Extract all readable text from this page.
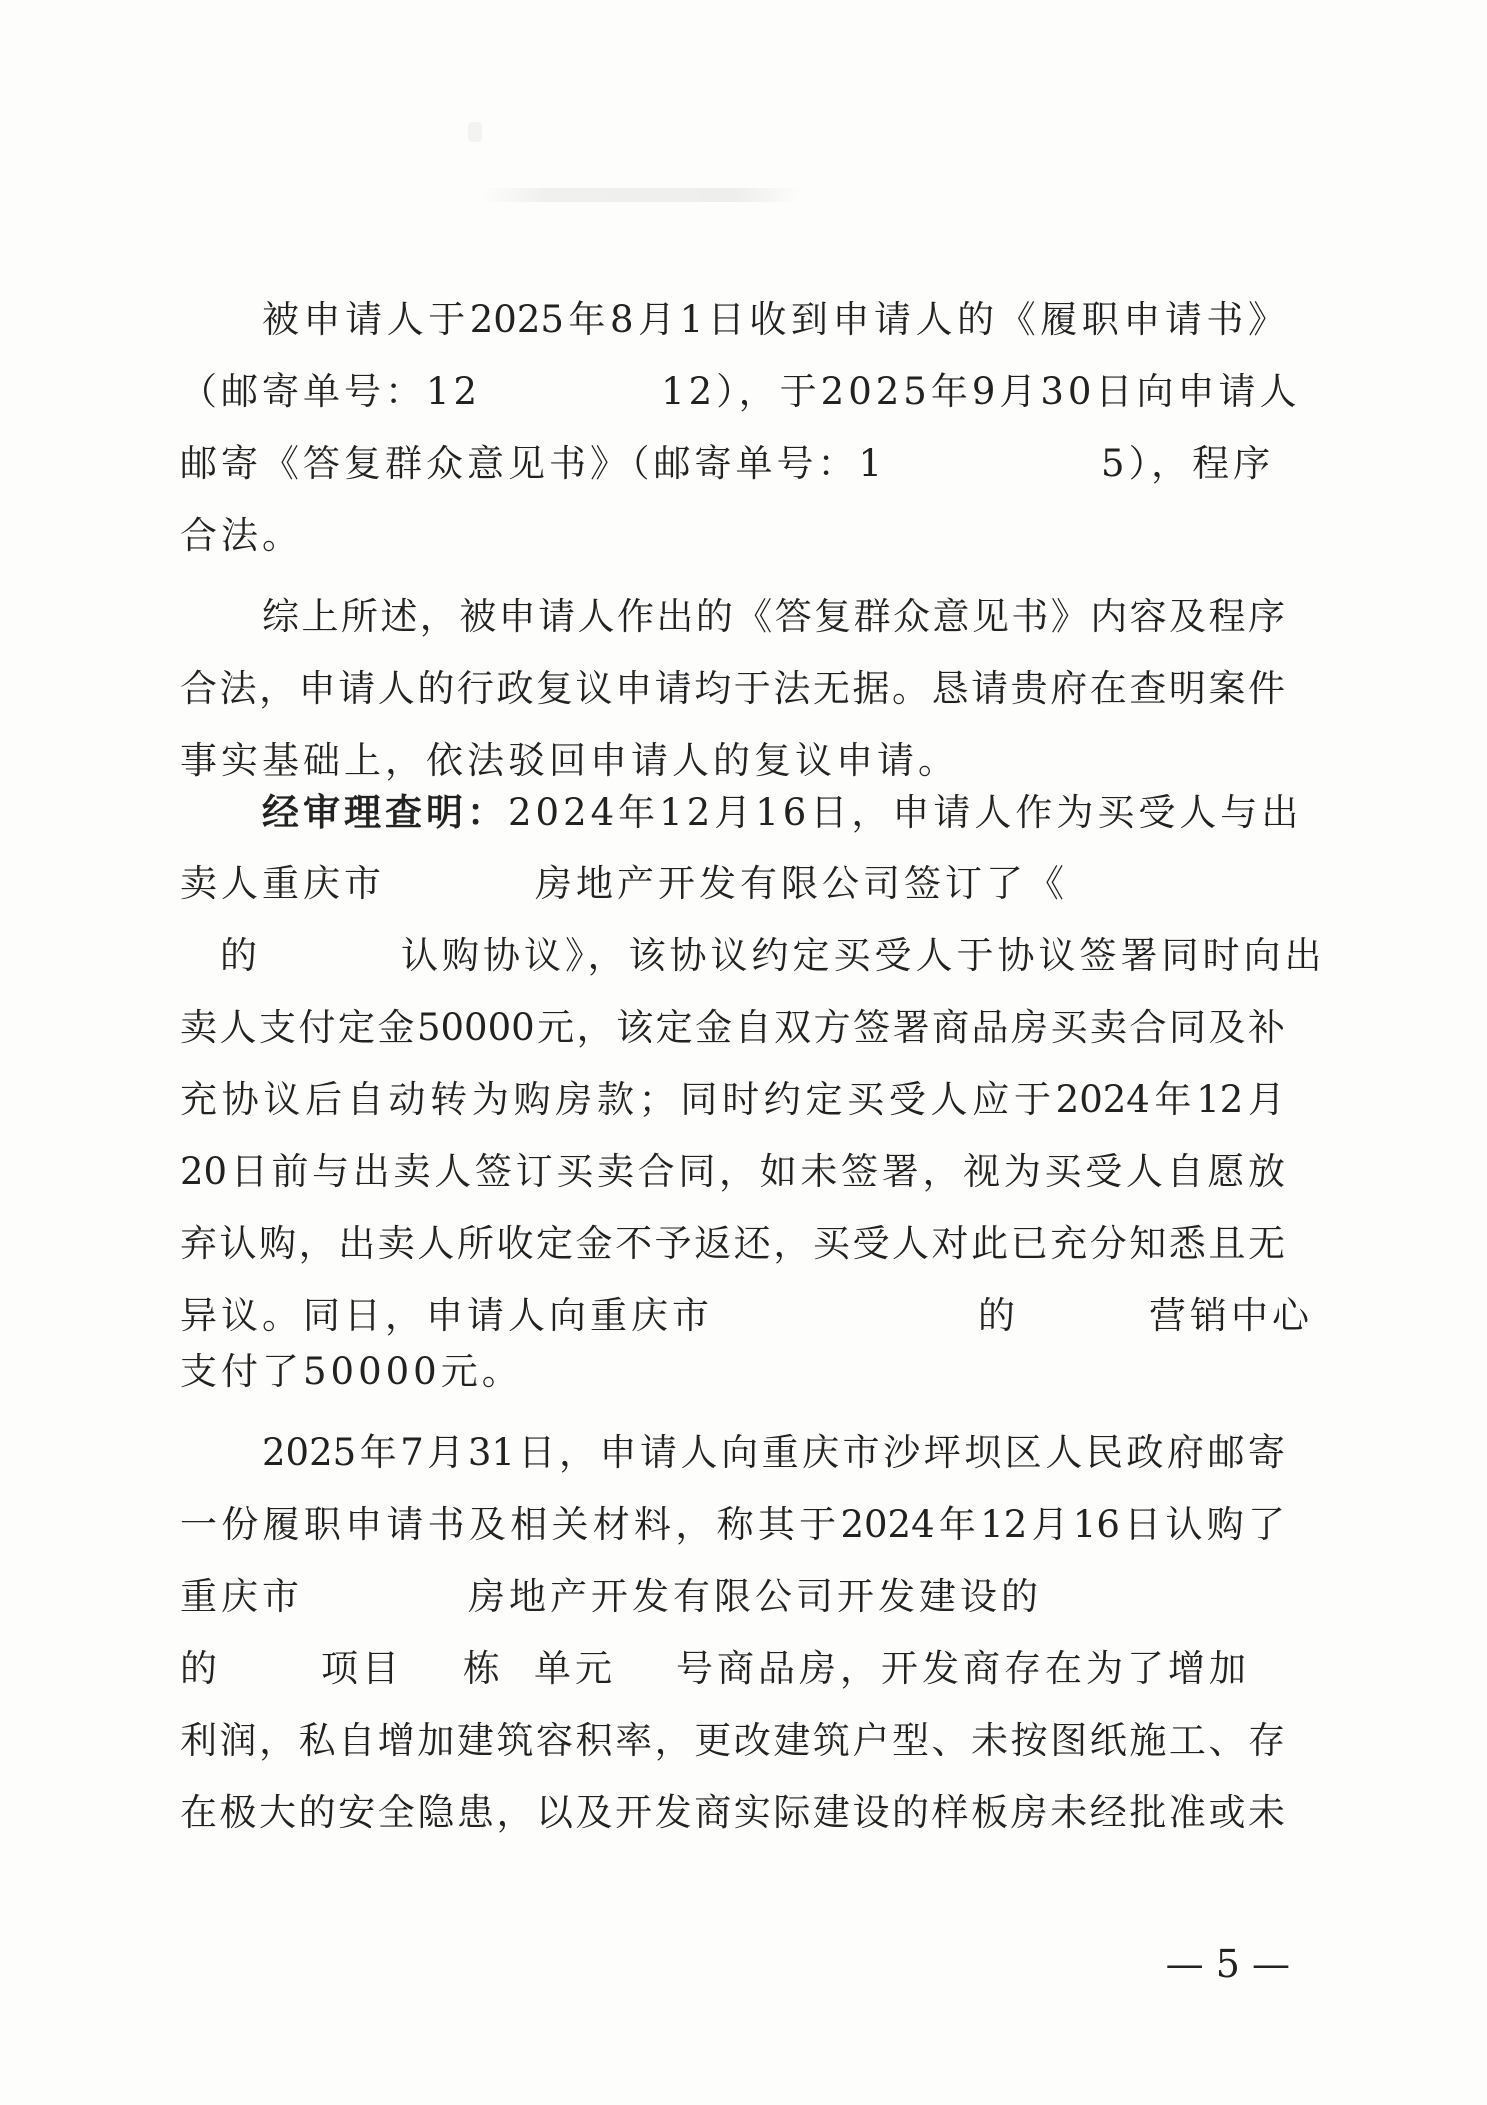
被申请人于2025年8月1日收到申请人的《履职申请书》
（邮寄单号：12	12），于2025年9月30日向申请人
邮寄《答复群众意见书》（邮寄单号：1	5），程序
合法。
综上所述，被申请人作出的《答复群众意见书》内容及程序
合法，申请人的行政复议申请均于法无据。恳请贵府在查明案件
事实基础上，依法驳回申请人的复议申请。
经审理查明：2024年12月16日，申请人作为买受人与出
卖人重庆市	房地产开发有限公司签订了《
的	认购协议》，该协议约定买受人于协议签署同时向出
卖人支付定金50000元，该定金自双方签署商品房买卖合同及补
充协议后自动转为购房款；同时约定买受人应于2024年12月
20日前与出卖人签订买卖合同，如未签署，视为买受人自愿放
弃认购，出卖人所收定金不予返还，买受人对此已充分知悉且无
异议。同日，申请人向重庆市	的	营销中心
支付了50000元。
2025年7月31日，申请人向重庆市沙坪坝区人民政府邮寄
一份履职申请书及相关材料，称其于2024年12月16日认购了
重庆市	房地产开发有限公司开发建设的
的	项目 栋 单元 号商品房，开发商存在为了增加
利润，私自增加建筑容积率，更改建筑户型、未按图纸施工、存
在极大的安全隐患，以及开发商实际建设的样板房未经批准或未
— 5 —
